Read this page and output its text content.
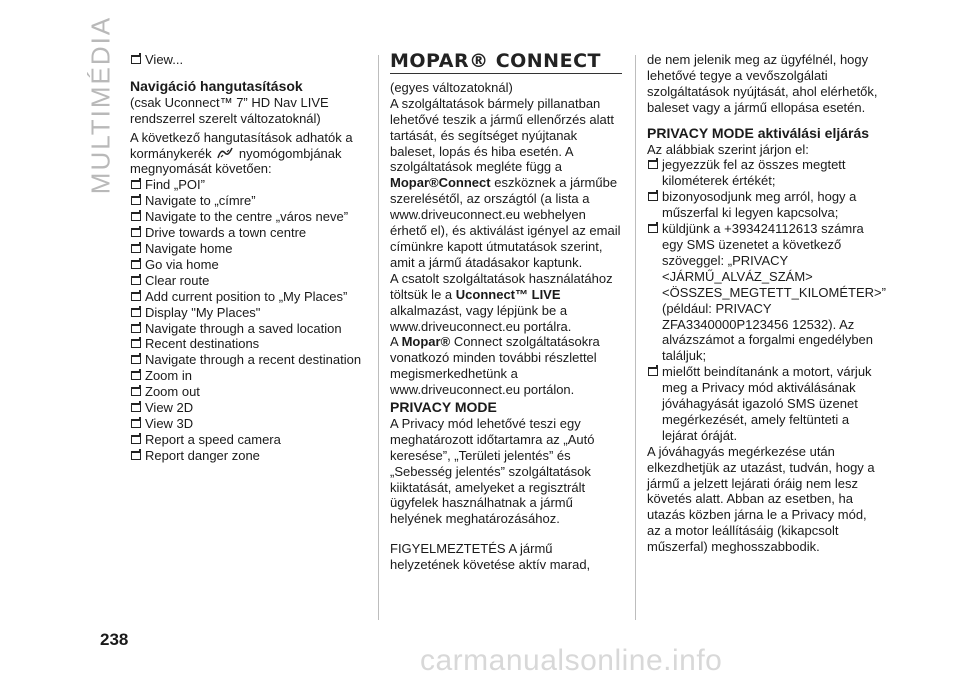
MULTIMÉDIA	View...

Navigáció hangutasítások

(csak Uconnect™ 7” HD Nav LIVE rendszerrel szerelt változatoknál)

A következő hangutasítások adhatók a kormánykerék nyomógombjának megnyomását követően:

Find „POI”

Navigate to „címre”

Navigate to the centre „város neve”

Drive towards a town centre

Navigate home

Go via home

Clear route

Add current position to „My Places”

Display "My Places"

Navigate through a saved location

Recent destinations

Navigate through a recent destination

Zoom in

Zoom out

View 2D

View 3D

Report a speed camera

Report danger zone

MOPAR® CONNECT

(egyes változatoknál)

A szolgáltatások bármely pillanatban lehetővé teszik a jármű ellenőrzés alatt tartását, és segítséget nyújtanak baleset, lopás és hiba esetén. A szolgáltatások megléte függ a Mopar®Connect eszköznek a járműbe szerelésétől, az országtól (a lista a www.driveuconnect.eu webhelyen érhető el), és aktiválást igényel az email címünkre kapott útmutatások szerint, amit a jármű átadásakor kaptunk.

A csatolt szolgáltatások használatához töltsük le a Uconnect™ LIVE alkalmazást, vagy lépjünk be a www.driveuconnect.eu portálra.

A Mopar® Connect szolgáltatásokra vonatkozó minden további részlettel megismerkedhetünk a www.driveuconnect.eu portálon.

PRIVACY MODE

A Privacy mód lehetővé teszi egy meghatározott időtartamra az „Autó keresése”, „Területi jelentés” és „Sebesség jelentés” szolgáltatások kiiktatását, amelyeket a regisztrált ügyfelek használhatnak a jármű helyének meghatározásához.

FIGYELMEZTETÉS A jármű helyzetének követése aktív marad,

de nem jelenik meg az ügyfélnél, hogy lehetővé tegye a vevőszolgálati szolgáltatások nyújtását, ahol elérhetők, baleset vagy a jármű ellopása esetén.

PRIVACY MODE aktiválási eljárás

Az alábbiak szerint járjon el:

jegyezzük fel az összes megtett kilométerek értékét;

bizonyosodjunk meg arról, hogy a műszerfal ki legyen kapcsolva;

küldjünk a +393424112613 számra egy SMS üzenetet a következő szöveggel: „PRIVACY <JÁRMŰ_ALVÁZ_SZÁM> <ÖSSZES_MEGTETT_KILOMÉTER>” (például: PRIVACY ZFA3340000P123456 12532). Az alvázszámot a forgalmi engedélyben találjuk;

mielőtt beindítanánk a motort, várjuk meg a Privacy mód aktiválásának jóváhagyását igazoló SMS üzenet megérkezését, amely feltünteti a lejárat óráját.

A jóváhagyás megérkezése után elkezdhetjük az utazást, tudván, hogy a jármű a jelzett lejárati óráig nem lesz követés alatt. Abban az esetben, ha utazás közben járna le a Privacy mód, az a motor leállításáig (kikapcsolt műszerfal) meghosszabbodik.

238
carmanualsonline.info
